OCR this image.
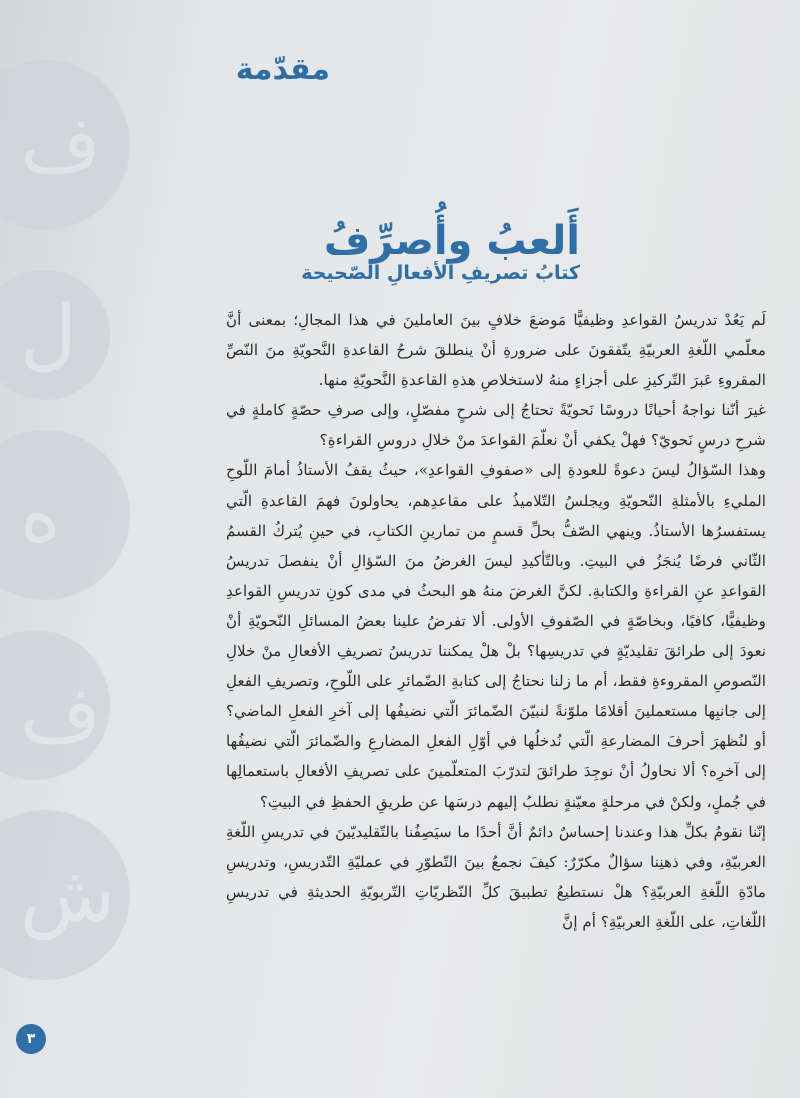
ف
ل
ه
ف
ش
مقدّمة
أَلعبُ وأُصرِّفُ
كتابُ تصريفِ الأفعالِ الصّحيحة

لَم يَعُدْ تدريسُ القواعدِ وظيفيًّا مَوضعَ خلافٍ بينَ العاملينَ في هذا المجالِ؛ بمعنى أنَّ معلّمي اللّغةِ العربيّةِ يتّفقونَ على ضرورةِ أنْ ينطلقَ شرحُ القاعدةِ النَّحويّةِ منَ النّصِّ المقروءِ عَبرَ التّركيزِ على أجزاءٍ منهُ لاستخلاصِ هذهِ القاعدةِ النَّحويّةِ منها.

غيرَ أنّنا نواجهُ أحيانًا دروسًا نَحويّةً تحتاجُ إلى شرحٍ مفصّلٍ، وإلى صرفِ حصّةٍ كاملةٍ في شرحِ درسٍ نَحويّ؟ فهلْ يكفي أنْ نعلّمَ القواعدَ منْ خلالِ دروسِ القراءةِ؟

وهذا السّؤالُ ليسَ دعوةً للعودةِ إلى «صفوفِ القواعدِ»، حيثُ يقفُ الأستاذُ أمامَ اللّوحِ المليءِ بالأمثلةِ النّحويّةِ ويجلسُ التّلاميذُ على مقاعدِهم، يحاولونَ فهمَ القاعدةِ الّتي يستفسرُها الأستاذُ. وينهي الصّفُّ بحلِّ قسمٍ من تمارينِ الكتابِ، في حينِ يُتركُ القسمُ الثّاني فرضًا يُنجَزُ في البيتِ. وبالتّأكيدِ ليسَ الغرضُ منَ السّؤالِ أنْ ينفصلَ تدريسُ القواعدِ عنِ القراءةِ والكتابةِ. لكنَّ الغرضَ منهُ هو البحثُ في مدى كونِ تدريسِ القواعدِ وظيفيًّا، كافيًا، وبخاصّةٍ في الصّفوفِ الأولى. ألا تفرضُ علينا بعضُ المسائلِ النّحويّةِ أنْ نعودَ إلى طرائقَ تقليديّةٍ في تدريسِها؟ بلْ هلْ يمكننا تدريسُ تصريفِ الأفعالِ منْ خلالِ النّصوصِ المقروءةِ فقط، أم ما زلنا نحتاجُ إلى كتابةِ الضّمائرِ على اللّوحِ، وتصريفِ الفعلِ إلى جانبِها مستعملينَ أقلامًا ملوّنةً لنبيّنَ الضّمائرَ الّتي نضيفُها إلى آخرِ الفعلِ الماضي؟ أو لنُظهرَ أحرفَ المضارعةِ الّتي نُدخلُها في أوّلِ الفعلِ المضارعِ والضّمائرَ الّتي نضيفُها إلى آخرِه؟ ألا نحاولُ أنْ نوجِدَ طرائقَ لتدرّبَ المتعلّمينَ على تصريفِ الأفعالِ باستعمالِها في جُملٍ، ولكنْ في مرحلةٍ معيّنةٍ نطلبُ إليهم درسَها عن طريقِ الحفظِ في البيتِ؟

إنّنا نقومُ بكلِّ هذا وعندنا إحساسٌ دائمٌ أنَّ أحدًا ما سيَصِفُنا بالتّقليديّينَ في تدريسِ اللّغةِ العربيّةِ، وفي ذهنِنا سؤالٌ مكرّرٌ: كيفَ نجمعُ بينَ التّطوّرِ في عمليّةِ التّدريسِ، وتدريسِ مادّةِ اللّغةِ العربيّةِ؟ هلْ نستطيعُ تطبيقَ كلِّ النّظريّاتِ التّربويّةِ الحديثةِ في تدريسِ اللّغاتِ، على اللّغةِ العربيّةِ؟ أم إنَّ

٣
